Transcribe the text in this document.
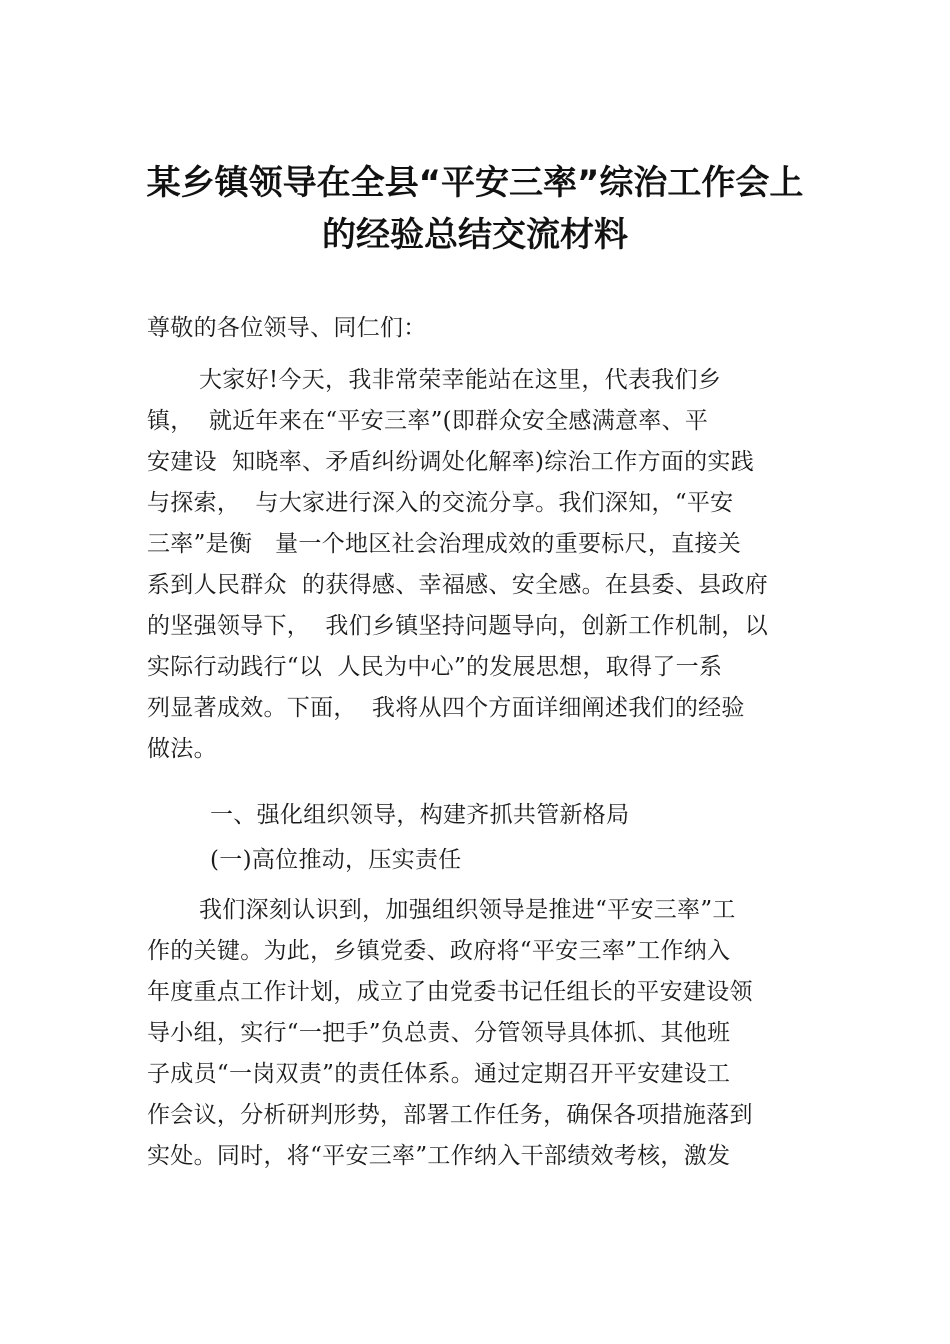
某乡镇领导在全县“平安三率”综治工作会上
的经验总结交流材料
尊敬的各位领导、同仁们：
大家好!今天，我非常荣幸能站在这里，代表我们乡
镇，  就近年来在“平安三率”(即群众安全感满意率、平
安建设  知晓率、矛盾纠纷调处化解率)综治工作方面的实践
与探索，  与大家进行深入的交流分享。我们深知，“平安
三率”是衡   量一个地区社会治理成效的重要标尺，直接关
系到人民群众  的获得感、幸福感、安全感。在县委、县政府
的坚强领导下，  我们乡镇坚持问题导向，创新工作机制，以
实际行动践行“以  人民为中心”的发展思想，取得了一系
列显著成效。下面，  我将从四个方面详细阐述我们的经验
做法。
一、强化组织领导，构建齐抓共管新格局
(一)高位推动，压实责任
我们深刻认识到，加强组织领导是推进“平安三率”工
作的关键。为此，乡镇党委、政府将“平安三率”工作纳入
年度重点工作计划，成立了由党委书记任组长的平安建设领
导小组，实行“一把手”负总责、分管领导具体抓、其他班
子成员“一岗双责”的责任体系。通过定期召开平安建设工
作会议，分析研判形势，部署工作任务，确保各项措施落到
实处。同时，将“平安三率”工作纳入干部绩效考核，激发
